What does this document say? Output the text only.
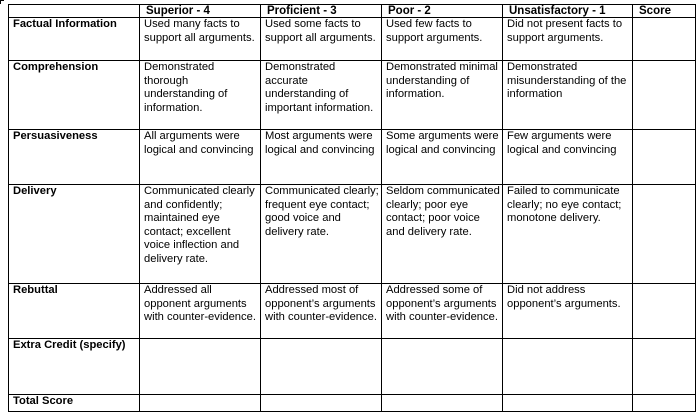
	Superior - 4	Proficient - 3	Poor - 2	Unsatisfactory - 1	Score
Factual Information	Used many facts to support all arguments.	Used some facts to support all arguments.	Used few facts to support arguments.	Did not present facts to support arguments.	
Comprehension	Demonstrated thorough understanding of information.	Demonstrated accurate understanding of important information.	Demonstrated minimal understanding of information.	Demonstrated misunderstanding of the information	
Persuasiveness	All arguments were logical and convincing	Most arguments were logical and convincing	Some arguments were logical and convincing	Few arguments were logical and convincing	
Delivery	Communicated clearly and confidently; maintained eye contact; excellent voice inflection and delivery rate.	Communicated clearly; frequent eye contact; good voice and delivery rate.	Seldom communicated clearly; poor eye contact; poor voice and delivery rate.	Failed to communicate clearly; no eye contact; monotone delivery.	
Rebuttal	Addressed all opponent arguments with counter-evidence.	Addressed most of opponent’s arguments with counter-evidence.	Addressed some of opponent’s arguments with counter-evidence.	Did not address opponent’s arguments.	
Extra Credit (specify)					
Total Score					
